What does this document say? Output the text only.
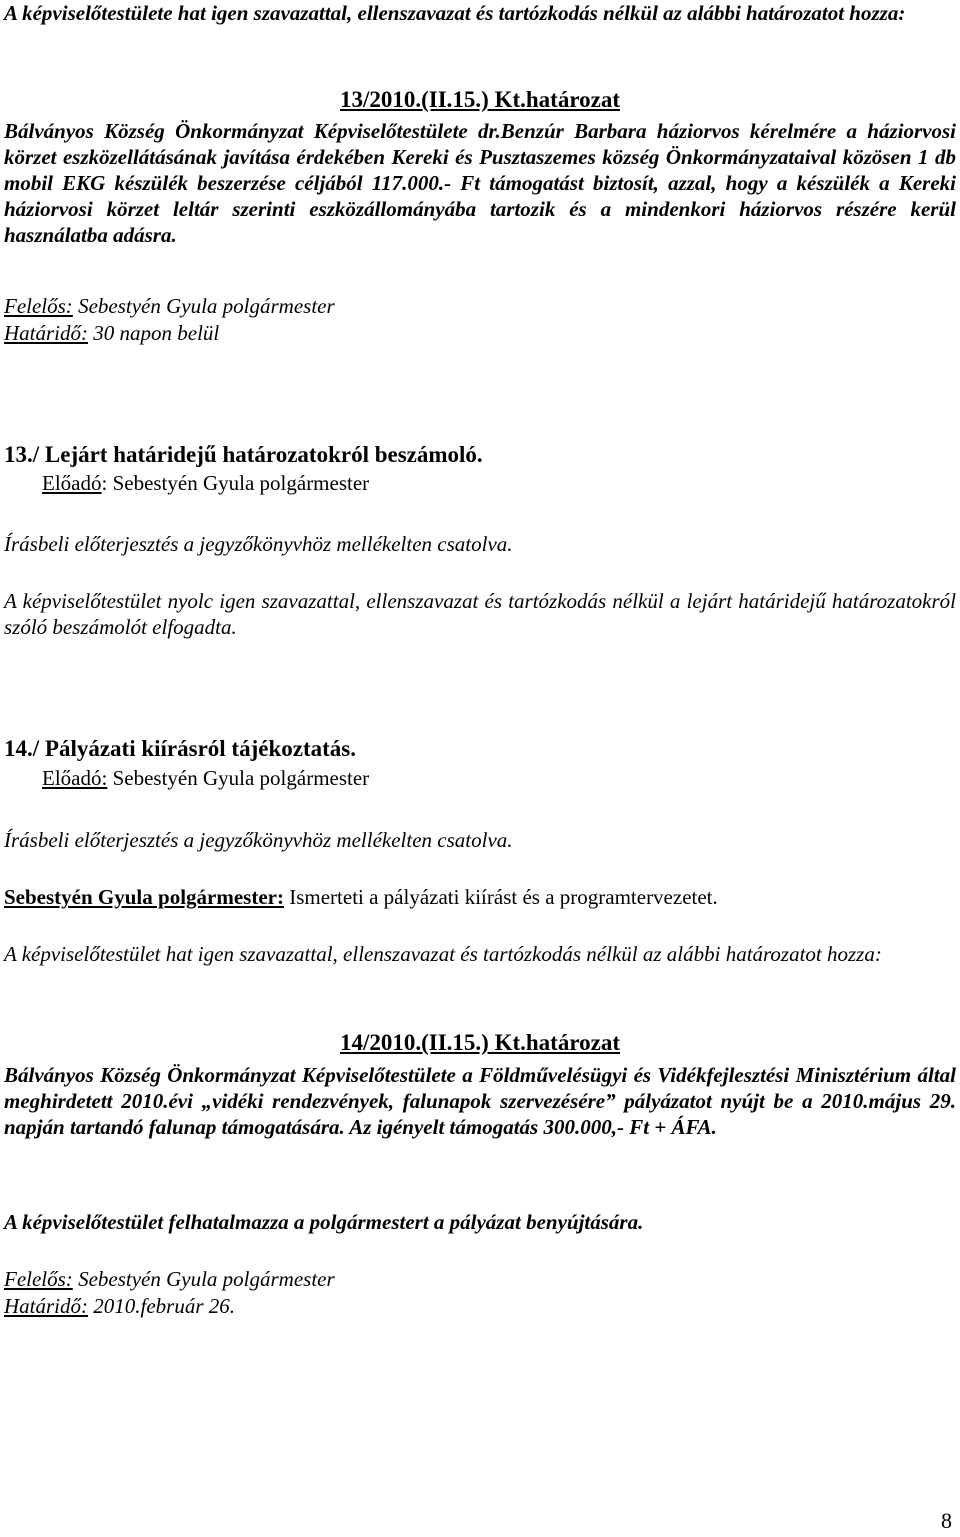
A képviselőtestülete hat igen szavazattal, ellenszavazat és tartózkodás nélkül az alábbi határozatot hozza:

13/2010.(II.15.) Kt.határozat

Bálványos Község Önkormányzat Képviselőtestülete dr.Benzúr Barbara háziorvos kérelmére a háziorvosi körzet eszközellátásának javítása érdekében Kereki és Pusztaszemes község Önkormányzataival közösen 1 db mobil EKG készülék beszerzése céljából 117.000.- Ft támogatást biztosít, azzal, hogy a készülék a Kereki háziorvosi körzet leltár szerinti eszközállományába tartozik és a mindenkori háziorvos részére kerül használatba adásra.

Felelős: Sebestyén Gyula polgármester

Határidő: 30 napon belül

13./ Lejárt határidejű határozatokról beszámoló.

Előadó: Sebestyén Gyula polgármester

Írásbeli előterjesztés a jegyzőkönyvhöz mellékelten csatolva.

A képviselőtestület nyolc igen szavazattal, ellenszavazat és tartózkodás nélkül a lejárt határidejű határozatokról szóló beszámolót elfogadta.

14./ Pályázati kiírásról tájékoztatás.

Előadó: Sebestyén Gyula polgármester

Írásbeli előterjesztés a jegyzőkönyvhöz mellékelten csatolva.

Sebestyén Gyula polgármester: Ismerteti a pályázati kiírást és a programtervezetet.

A képviselőtestület hat igen szavazattal, ellenszavazat és tartózkodás nélkül az alábbi határozatot hozza:

14/2010.(II.15.) Kt.határozat

Bálványos Község Önkormányzat Képviselőtestülete a Földművelésügyi és Vidékfejlesztési Minisztérium által meghirdetett 2010.évi „vidéki rendezvények, falunapok szervezésére” pályázatot nyújt be a 2010.május 29. napján tartandó falunap támogatására. Az igényelt támogatás 300.000,- Ft + ÁFA.

A képviselőtestület felhatalmazza a polgármestert a pályázat benyújtására.

Felelős: Sebestyén Gyula polgármester

Határidő: 2010.február 26.

8
